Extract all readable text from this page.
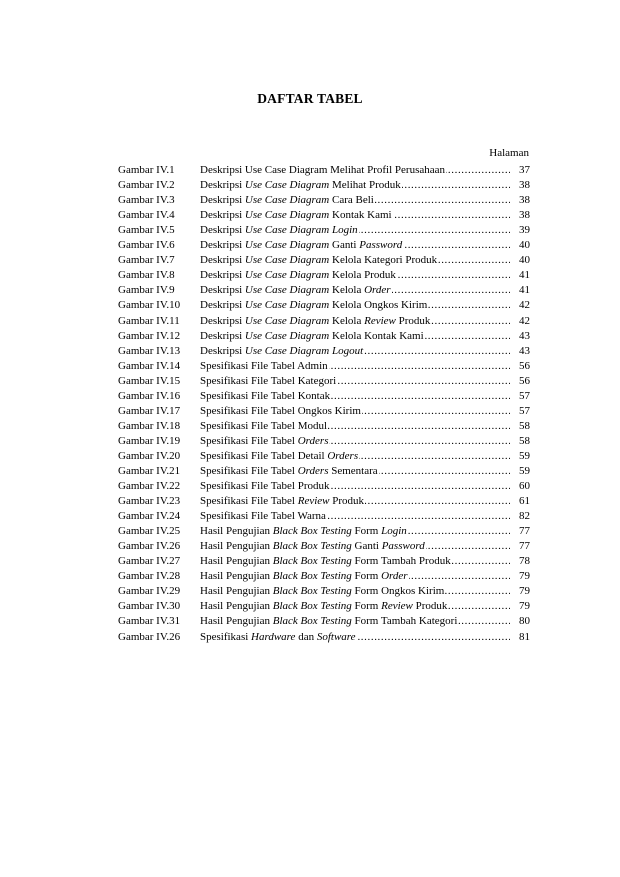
DAFTAR TABEL
Halaman
Gambar IV.1	Deskripsi Use Case Diagram Melihat Profil Perusahaan .....	37
Gambar IV.2	Deskripsi Use Case Diagram Melihat Produk .....	38
Gambar IV.3	Deskripsi Use Case Diagram Cara Beli .....	38
Gambar IV.4	Deskripsi Use Case Diagram Kontak Kami .....	38
Gambar IV.5	Deskripsi Use Case Diagram Login .....	39
Gambar IV.6	Deskripsi Use Case Diagram Ganti Password .....	40
Gambar IV.7	Deskripsi Use Case Diagram Kelola Kategori Produk .....	40
Gambar IV.8	Deskripsi Use Case Diagram Kelola Produk .....	41
Gambar IV.9	Deskripsi Use Case Diagram Kelola Order .....	41
Gambar IV.10	Deskripsi Use Case Diagram Kelola Ongkos Kirim .....	42
Gambar IV.11	Deskripsi Use Case Diagram Kelola Review Produk .....	42
Gambar IV.12	Deskripsi Use Case Diagram Kelola Kontak Kami .....	43
Gambar IV.13	Deskripsi Use Case Diagram Logout .....	43
Gambar IV.14	Spesifikasi File Tabel Admin .....	56
Gambar IV.15	Spesifikasi File Tabel Kategori .....	56
Gambar IV.16	Spesifikasi File Tabel Kontak .....	57
Gambar IV.17	Spesifikasi File Tabel Ongkos Kirim .....	57
Gambar IV.18	Spesifikasi File Tabel Modul .....	58
Gambar IV.19	Spesifikasi File Tabel Orders .....	58
Gambar IV.20	Spesifikasi File Tabel Detail Orders .....	59
Gambar IV.21	Spesifikasi File Tabel Orders Sementara .....	59
Gambar IV.22	Spesifikasi File Tabel Produk .....	60
Gambar IV.23	Spesifikasi File Tabel Review Produk .....	61
Gambar IV.24	Spesifikasi File Tabel Warna .....	82
Gambar IV.25	Hasil Pengujian Black Box Testing Form Login .....	77
Gambar IV.26	Hasil Pengujian Black Box Testing Ganti Password .....	77
Gambar IV.27	Hasil Pengujian Black Box Testing Form Tambah Produk .....	78
Gambar IV.28	Hasil Pengujian Black Box Testing Form Order .....	79
Gambar IV.29	Hasil Pengujian Black Box Testing Form Ongkos Kirim .....	79
Gambar IV.30	Hasil Pengujian Black Box Testing Form Review Produk .....	79
Gambar IV.31	Hasil Pengujian Black Box Testing Form Tambah Kategori .....	80
Gambar IV.26	Spesifikasi Hardware dan Software .....	81
